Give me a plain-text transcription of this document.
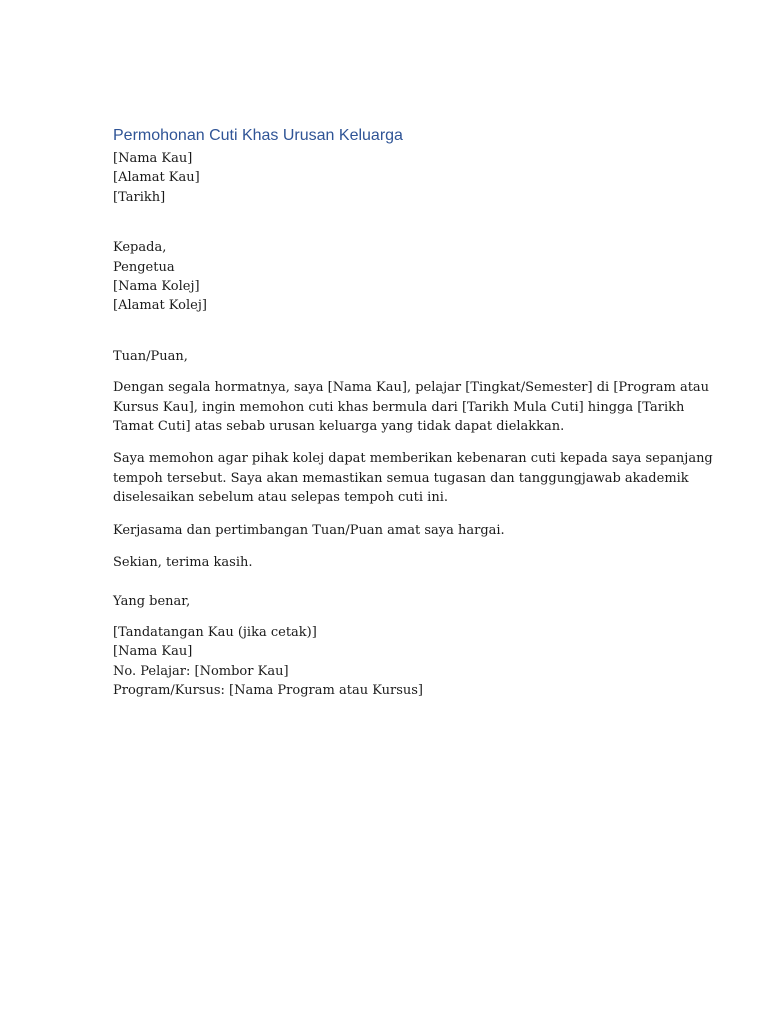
Permohonan Cuti Khas Urusan Keluarga
[Nama Kau]
[Alamat Kau]
[Tarikh]
Kepada,
Pengetua
[Nama Kolej]
[Alamat Kolej]
Tuan/Puan,
Dengan segala hormatnya, saya [Nama Kau], pelajar [Tingkat/Semester] di [Program atau
Kursus Kau], ingin memohon cuti khas bermula dari [Tarikh Mula Cuti] hingga [Tarikh
Tamat Cuti] atas sebab urusan keluarga yang tidak dapat dielakkan.
Saya memohon agar pihak kolej dapat memberikan kebenaran cuti kepada saya sepanjang
tempoh tersebut. Saya akan memastikan semua tugasan dan tanggungjawab akademik
diselesaikan sebelum atau selepas tempoh cuti ini.
Kerjasama dan pertimbangan Tuan/Puan amat saya hargai.
Sekian, terima kasih.
Yang benar,
[Tandatangan Kau (jika cetak)]
[Nama Kau]
No. Pelajar: [Nombor Kau]
Program/Kursus: [Nama Program atau Kursus]
